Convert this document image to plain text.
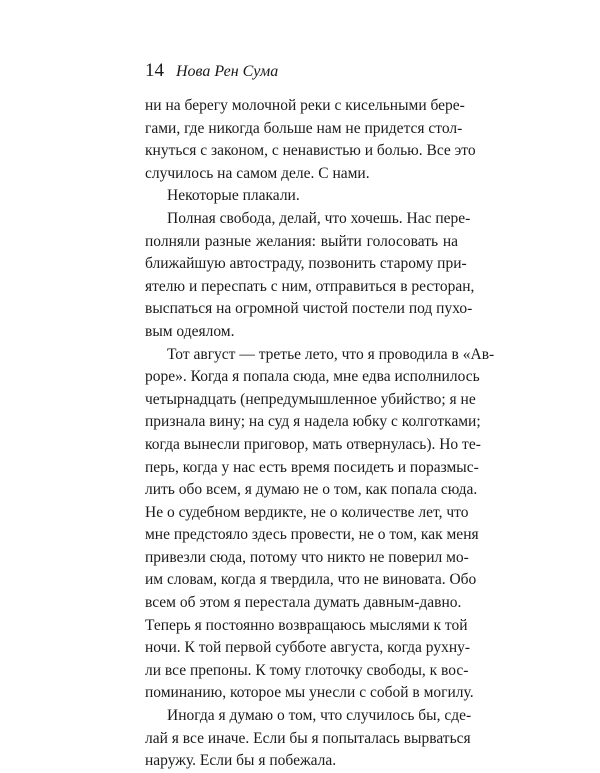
14 Нова Рен Сума
ни на берегу молочной реки с кисельными бере-
гами, где никогда больше нам не придется стол-
кнуться с законом, с ненавистью и болью. Все это
случилось на самом деле. С нами.
Некоторые плакали.
Полная свобода, делай, что хочешь. Нас пере-
полняли разные желания: выйти голосовать на
ближайшую автостраду, позвонить старому при-
ятелю и переспать с ним, отправиться в ресторан,
выспаться на огромной чистой постели под пухо-
вым одеялом.
Тот август — третье лето, что я проводила в «Ав-
роре». Когда я попала сюда, мне едва исполнилось
четырнадцать (непредумышленное убийство; я не
признала вину; на суд я надела юбку с колготками;
когда вынесли приговор, мать отвернулась). Но те-
перь, когда у нас есть время посидеть и поразмыс-
лить обо всем, я думаю не о том, как попала сюда.
Не о судебном вердикте, не о количестве лет, что
мне предстояло здесь провести, не о том, как меня
привезли сюда, потому что никто не поверил мо-
им словам, когда я твердила, что не виновата. Обо
всем об этом я перестала думать давным-давно.
Теперь я постоянно возвращаюсь мыслями к той
ночи. К той первой субботе августа, когда рухну-
ли все препоны. К тому глоточку свободы, к вос-
поминанию, которое мы унесли с собой в могилу.
Иногда я думаю о том, что случилось бы, сде-
лай я все иначе. Если бы я попыталась вырваться
наружу. Если бы я побежала.
